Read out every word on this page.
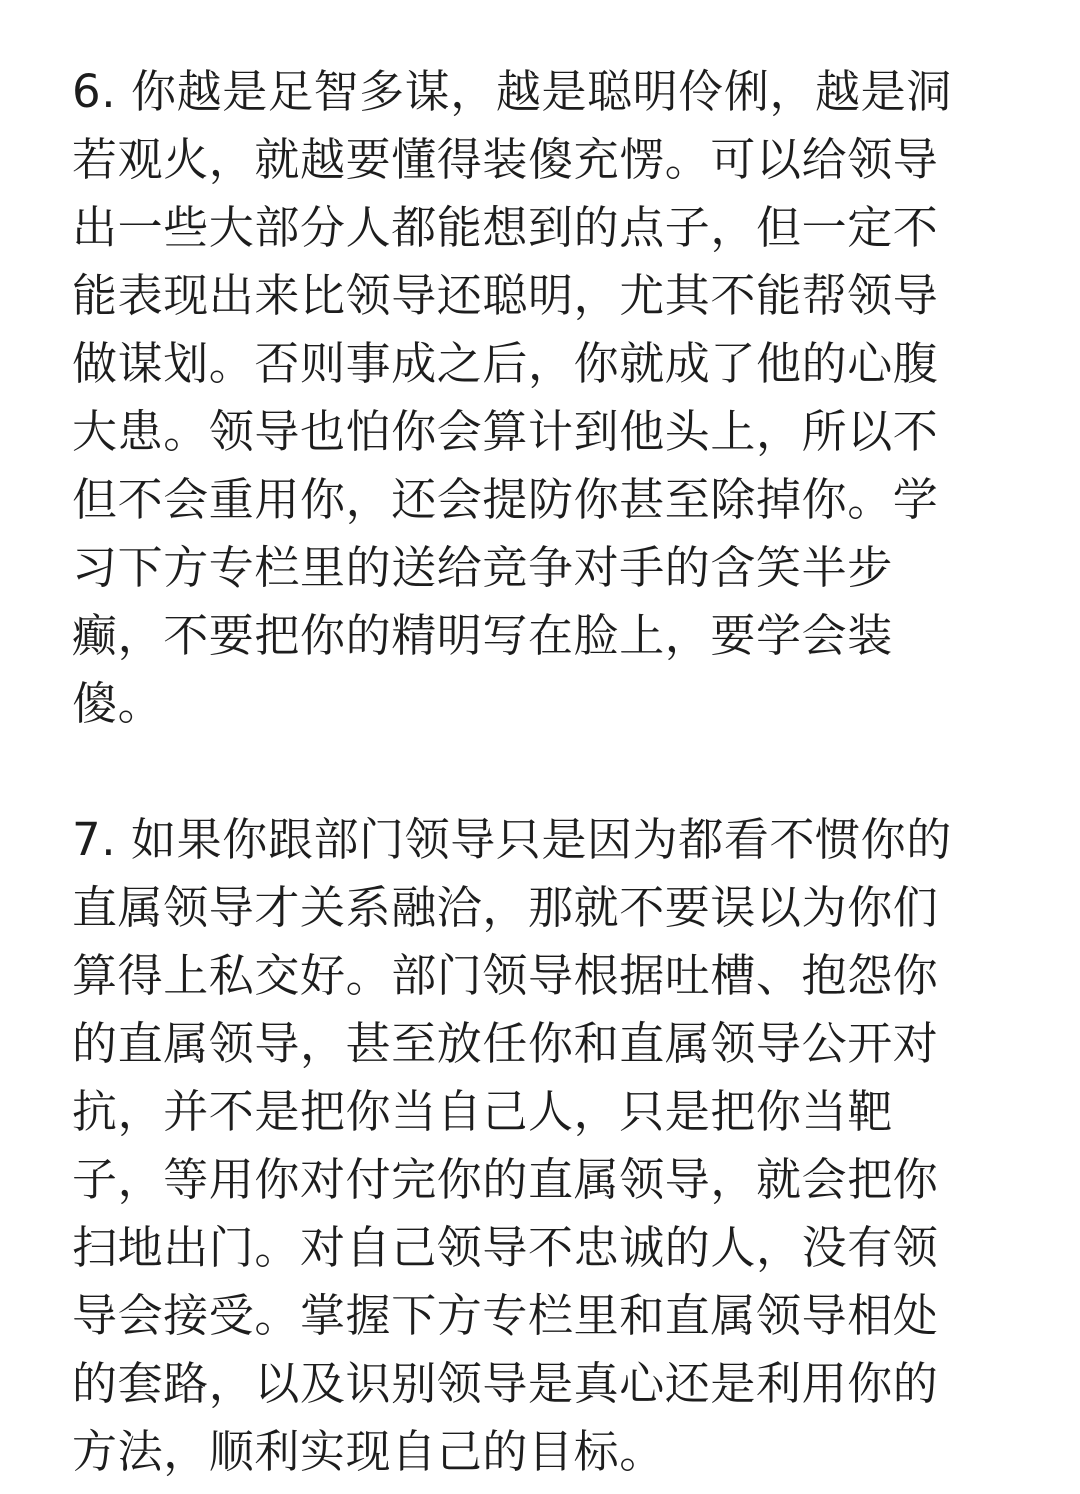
6. 你越是足智多谋，越是聪明伶俐，越是洞
若观火，就越要懂得装傻充愣。可以给领导
出一些大部分人都能想到的点子，但一定不
能表现出来比领导还聪明，尤其不能帮领导
做谋划。否则事成之后，你就成了他的心腹
大患。领导也怕你会算计到他头上，所以不
但不会重用你，还会提防你甚至除掉你。学
习下方专栏里的送给竞争对手的含笑半步
癫，不要把你的精明写在脸上，要学会装
傻。
7. 如果你跟部门领导只是因为都看不惯你的
直属领导才关系融洽，那就不要误以为你们
算得上私交好。部门领导根据吐槽、抱怨你
的直属领导，甚至放任你和直属领导公开对
抗，并不是把你当自己人，只是把你当靶
子，等用你对付完你的直属领导，就会把你
扫地出门。对自己领导不忠诚的人，没有领
导会接受。掌握下方专栏里和直属领导相处
的套路，以及识别领导是真心还是利用你的
方法，顺利实现自己的目标。
